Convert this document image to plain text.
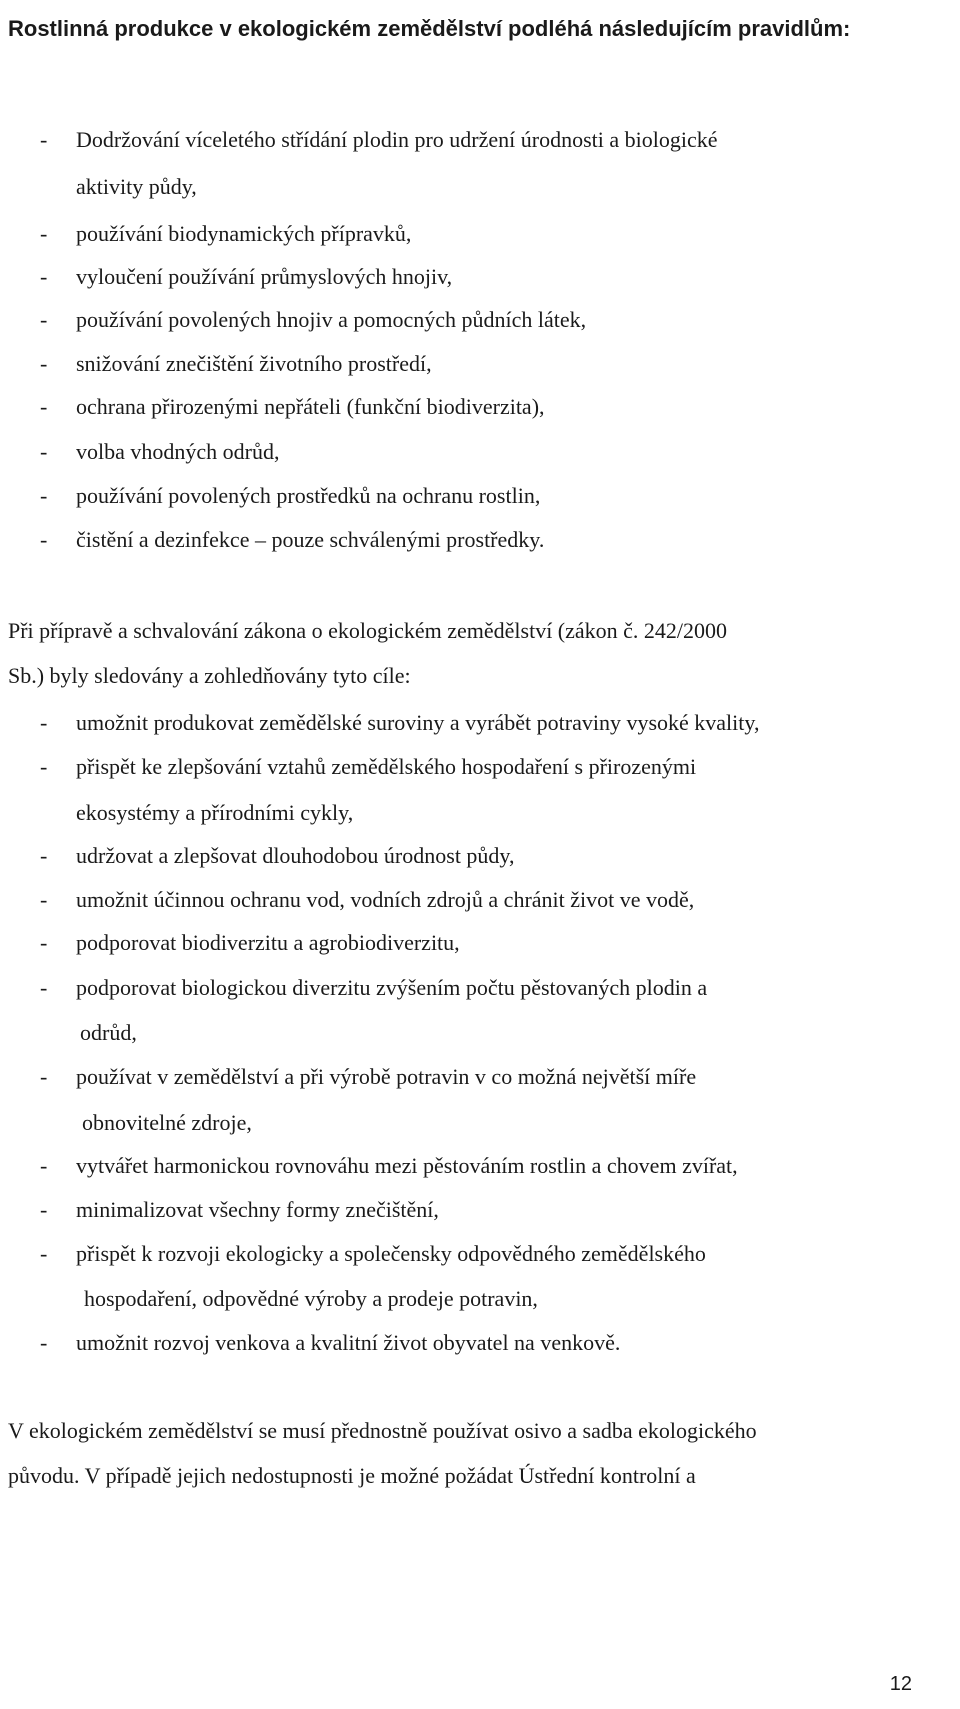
Rostlinná produkce v ekologickém zemědělství podléhá následujícím pravidlům:
- Dodržování víceletého střídání plodin pro udržení úrodnosti a biologické
aktivity půdy,
- používání biodynamických přípravků,
- vyloučení používání průmyslových hnojiv,
- používání povolených hnojiv a pomocných půdních látek,
- snižování znečištění životního prostředí,
- ochrana přirozenými nepřáteli (funkční biodiverzita),
- volba vhodných odrůd,
- používání povolených prostředků na ochranu rostlin,
- čistění a dezinfekce – pouze schválenými prostředky.

Při přípravě a schvalování zákona o ekologickém zemědělství (zákon č. 242/2000

Sb.) byly sledovány a zohledňovány tyto cíle:

- umožnit produkovat zemědělské suroviny a vyrábět potraviny vysoké kvality,
- přispět ke zlepšování vztahů zemědělského hospodaření s přirozenými
ekosystémy a přírodními cykly,
- udržovat a zlepšovat dlouhodobou úrodnost půdy,
- umožnit účinnou ochranu vod, vodních zdrojů a chránit život ve vodě,
- podporovat biodiverzitu a agrobiodiverzitu,
- podporovat biologickou diverzitu zvýšením počtu pěstovaných plodin a
odrůd,
- používat v zemědělství a při výrobě potravin v co možná největší míře
obnovitelné zdroje,
- vytvářet harmonickou rovnováhu mezi pěstováním rostlin a chovem zvířat,
- minimalizovat všechny formy znečištění,
- přispět k rozvoji ekologicky a společensky odpovědného zemědělského
hospodaření, odpovědné výroby a prodeje potravin,
- umožnit rozvoj venkova a kvalitní život obyvatel na venkově.

V ekologickém zemědělství se musí přednostně používat osivo a sadba ekologického

původu. V případě jejich nedostupnosti je možné požádat Ústřední kontrolní a

12
